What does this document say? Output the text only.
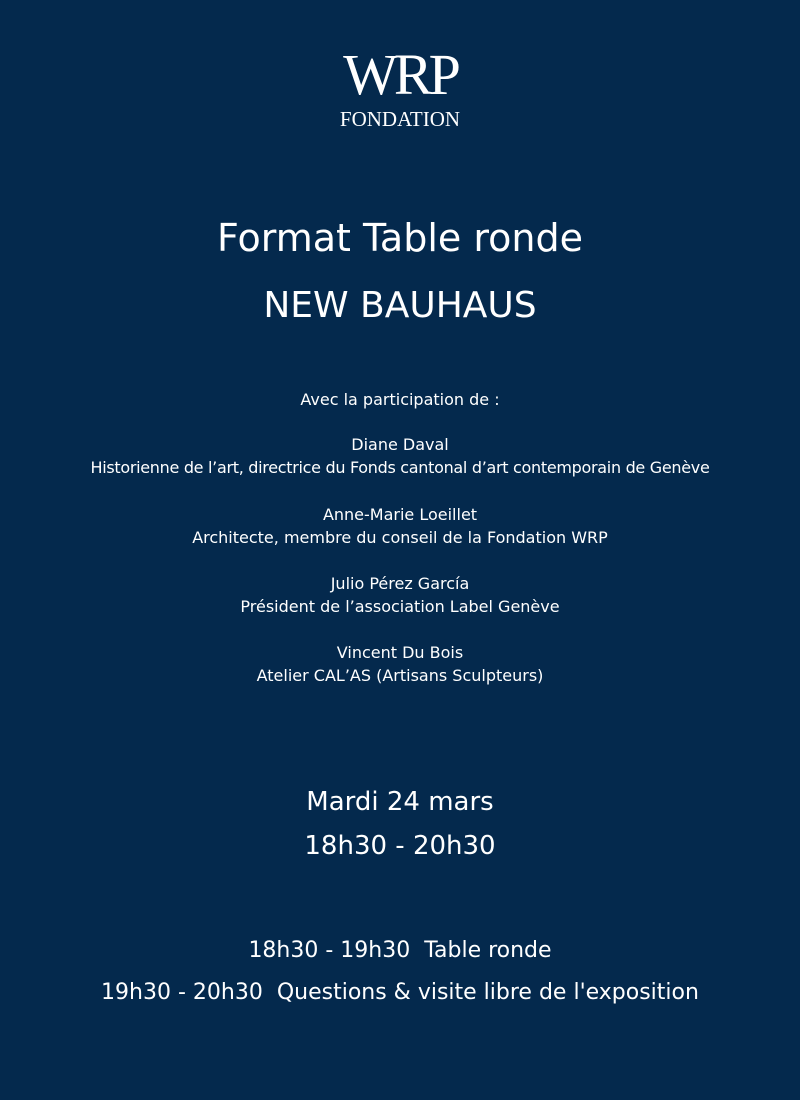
WRP
FONDATION
Format Table ronde
NEW BAUHAUS
Avec la participation de :
Diane Daval
Historienne de l’art, directrice du Fonds cantonal d’art contemporain de Genève
Anne-Marie Loeillet
Architecte, membre du conseil de la Fondation WRP
Julio Pérez García
Président de l’association Label Genève
Vincent Du Bois
Atelier CAL’AS (Artisans Sculpteurs)
Mardi 24 mars
18h30 - 20h30
18h30 - 19h30  Table ronde
19h30 - 20h30  Questions & visite libre de l'exposition
